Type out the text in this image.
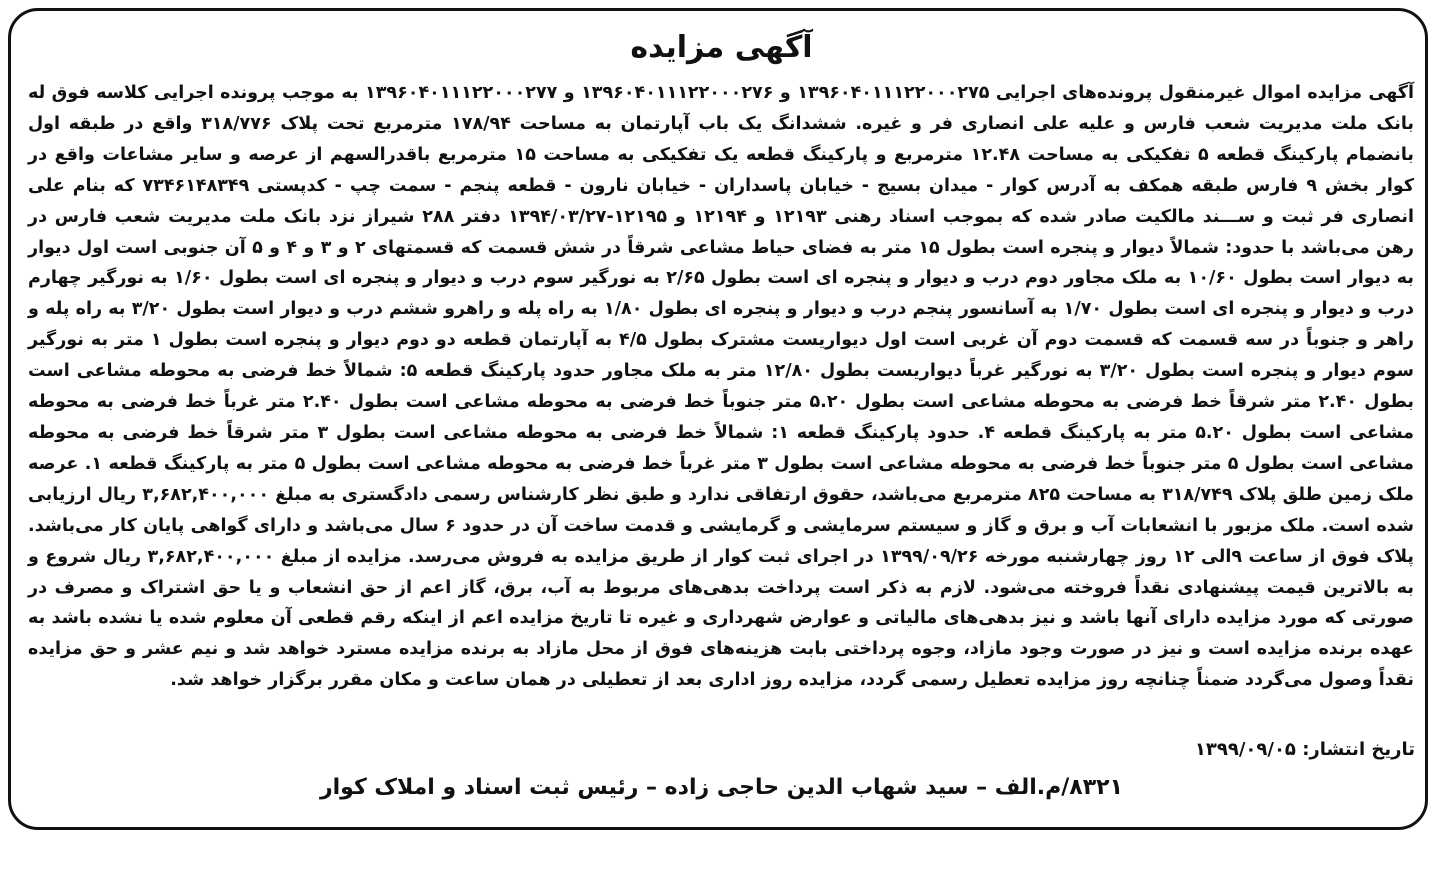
آگهی مزایده

آگهی مزایده اموال غیرمنقول پرونده‌های اجرایی ۱۳۹۶۰۴۰۱۱۱۲۲۰۰۰۲۷۵ و ۱۳۹۶۰۴۰۱۱۱۲۲۰۰۰۲۷۶ و ۱۳۹۶۰۴۰۱۱۱۲۲۰۰۰۲۷۷ به موجب پرونده اجرایی کلاسه فوق له بانک ملت مدیریت شعب فارس و علیه علی انصاری فر و غیره. ششدانگ یک باب آپارتمان به مساحت ۱۷۸/۹۴ مترمربع تحت پلاک ۳۱۸/۷۷۶ واقع در طبقه اول بانضمام پارکینگ قطعه ۵ تفکیکی به مساحت ۱۲.۴۸ مترمربع و پارکینگ قطعه یک تفکیکی به مساحت ۱۵ مترمربع باقدرالسهم از عرصه و سایر مشاعات واقع در کوار بخش ۹ فارس طبقه همکف به آدرس کوار - میدان بسیج - خیابان پاسداران - خیابان نارون - قطعه پنجم - سمت چپ - کدپستی ۷۳۴۶۱۴۸۳۴۹ که بنام علی انصاری فر ثبت و ســـند مالکیت صادر شده که بموجب اسناد رهنی ۱۲۱۹۳ و ۱۲۱۹۴ و ۱۲۱۹۵-۱۳۹۴/۰۳/۲۷ دفتر ۲۸۸ شیراز نزد بانک ملت مدیریت شعب فارس در رهن می‌باشد با حدود: شمالاً دیوار و پنجره است بطول ۱۵ متر به فضای حیاط مشاعی شرقاً در شش قسمت که قسمتهای ۲ و ۳ و ۴ و ۵ آن جنوبی است اول دیوار به دیوار است بطول ۱۰/۶۰ به ملک مجاور دوم درب و دیوار و پنجره ای است بطول ۲/۶۵ به نورگیر سوم درب و دیوار و پنجره ای است بطول ۱/۶۰ به نورگیر چهارم درب و دیوار و پنجره ای است بطول ۱/۷۰ به آسانسور پنجم درب و دیوار و پنجره ای بطول ۱/۸۰ به راه پله و راهرو ششم درب و دیوار است بطول ۳/۲۰ به راه پله و راهر و جنوباً در سه قسمت که قسمت دوم آن غربی است اول دیواریست مشترک بطول ۴/۵ به آپارتمان قطعه دو دوم دیوار و پنجره است بطول ۱ متر به نورگیر سوم دیوار و پنجره است بطول ۳/۲۰ به نورگیر غرباً دیواریست بطول ۱۲/۸۰ متر به ملک مجاور حدود پارکینگ قطعه ۵: شمالاً خط فرضی به محوطه مشاعی است بطول ۲.۴۰ متر شرقاً خط فرضی به محوطه مشاعی است بطول ۵.۲۰ متر جنوباً خط فرضی به محوطه مشاعی است بطول ۲.۴۰ متر غرباً خط فرضی به محوطه مشاعی است بطول ۵.۲۰ متر به پارکینگ قطعه ۴. حدود پارکینگ قطعه ۱: شمالاً خط فرضی به محوطه مشاعی است بطول ۳ متر شرقاً خط فرضی به محوطه مشاعی است بطول ۵ متر جنوباً خط فرضی به محوطه مشاعی است بطول ۳ متر غرباً خط فرضی به محوطه مشاعی است بطول ۵ متر به پارکینگ قطعه ۱. عرصه ملک زمین طلق پلاک ۳۱۸/۷۴۹ به مساحت ۸۲۵ مترمربع می‌باشد، حقوق ارتفاقی ندارد و طبق نظر کارشناس رسمی دادگستری به مبلغ ۳,۶۸۲,۴۰۰,۰۰۰ ریال ارزیابی شده است. ملک مزبور با انشعابات آب و برق و گاز و سیستم سرمایشی و گرمایشی و قدمت ساخت آن در حدود ۶ سال می‌باشد و دارای گواهی پایان کار می‌باشد. پلاک فوق از ساعت ۹الی ۱۲ روز چهارشنبه مورخه ۱۳۹۹/۰۹/۲۶ در اجرای ثبت کوار از طریق مزایده به فروش می‌رسد. مزایده از مبلغ ۳,۶۸۲,۴۰۰,۰۰۰ ریال شروع و به بالاترین قیمت پیشنهادی نقداً فروخته می‌شود. لازم به ذکر است پرداخت بدهی‌های مربوط به آب، برق، گاز اعم از حق انشعاب و یا حق اشتراک و مصرف در صورتی که مورد مزایده دارای آنها باشد و نیز بدهی‌های مالیاتی و عوارض شهرداری و غیره تا تاریخ مزایده اعم از اینکه رقم قطعی آن معلوم شده یا نشده باشد به عهده برنده مزایده است و نیز در صورت وجود مازاد، وجوه پرداختی بابت هزینه‌های فوق از محل مازاد به برنده مزایده مسترد خواهد شد و نیم عشر و حق مزایده نقداً وصول می‌گردد ضمناً چنانچه روز مزایده تعطیل رسمی گردد، مزایده روز اداری بعد از تعطیلی در همان ساعت و مکان مقرر برگزار خواهد شد.

تاریخ انتشار: ۱۳۹۹/۰۹/۰۵
۸۳۲۱/م.الف – سید شهاب الدین حاجی زاده – رئیس ثبت اسناد و املاک کوار
